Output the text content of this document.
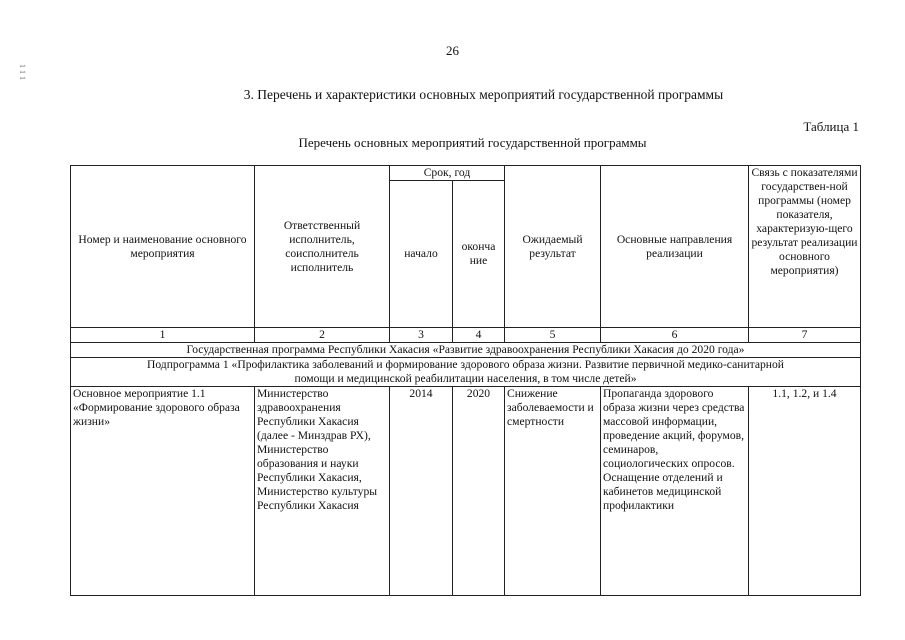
1 1 1
26
3. Перечень и характеристики основных мероприятий государственной программы
Таблица 1
Перечень основных мероприятий государственной программы
Номер и наименование основного мероприятия	Ответственный исполнитель, соисполнитель исполнитель	Срок, год		Ожидаемый результат	Основные направления реализации	Связь с показателями государствен-ной программы (номер показателя, характеризую-щего результат реализации основного мероприятия)
		начало	оконча ние			
1	2	3	4	5	6	7
Государственная программа Республики Хакасия «Развитие здравоохранения Республики Хакасия до 2020 года»						
Подпрограмма 1 «Профилактика заболеваний и формирование здорового образа жизни. Развитие первичной медико-санитарной помощи и медицинской реабилитации населения, в том числе детей»						
Основное мероприятие 1.1 «Формирование здорового образа жизни»	Министерство здравоохранения Республики Хакасия (далее - Минздрав РХ), Министерство образования и науки Республики Хакасия, Министерство культуры Республики Хакасия	2014	2020	Снижение заболеваемости и смертности	Пропаганда здорового образа жизни через средства массовой информации, проведение акций, форумов, семинаров, социологических опросов. Оснащение отделений и кабинетов медицинской профилактики	1.1, 1.2, и 1.4
